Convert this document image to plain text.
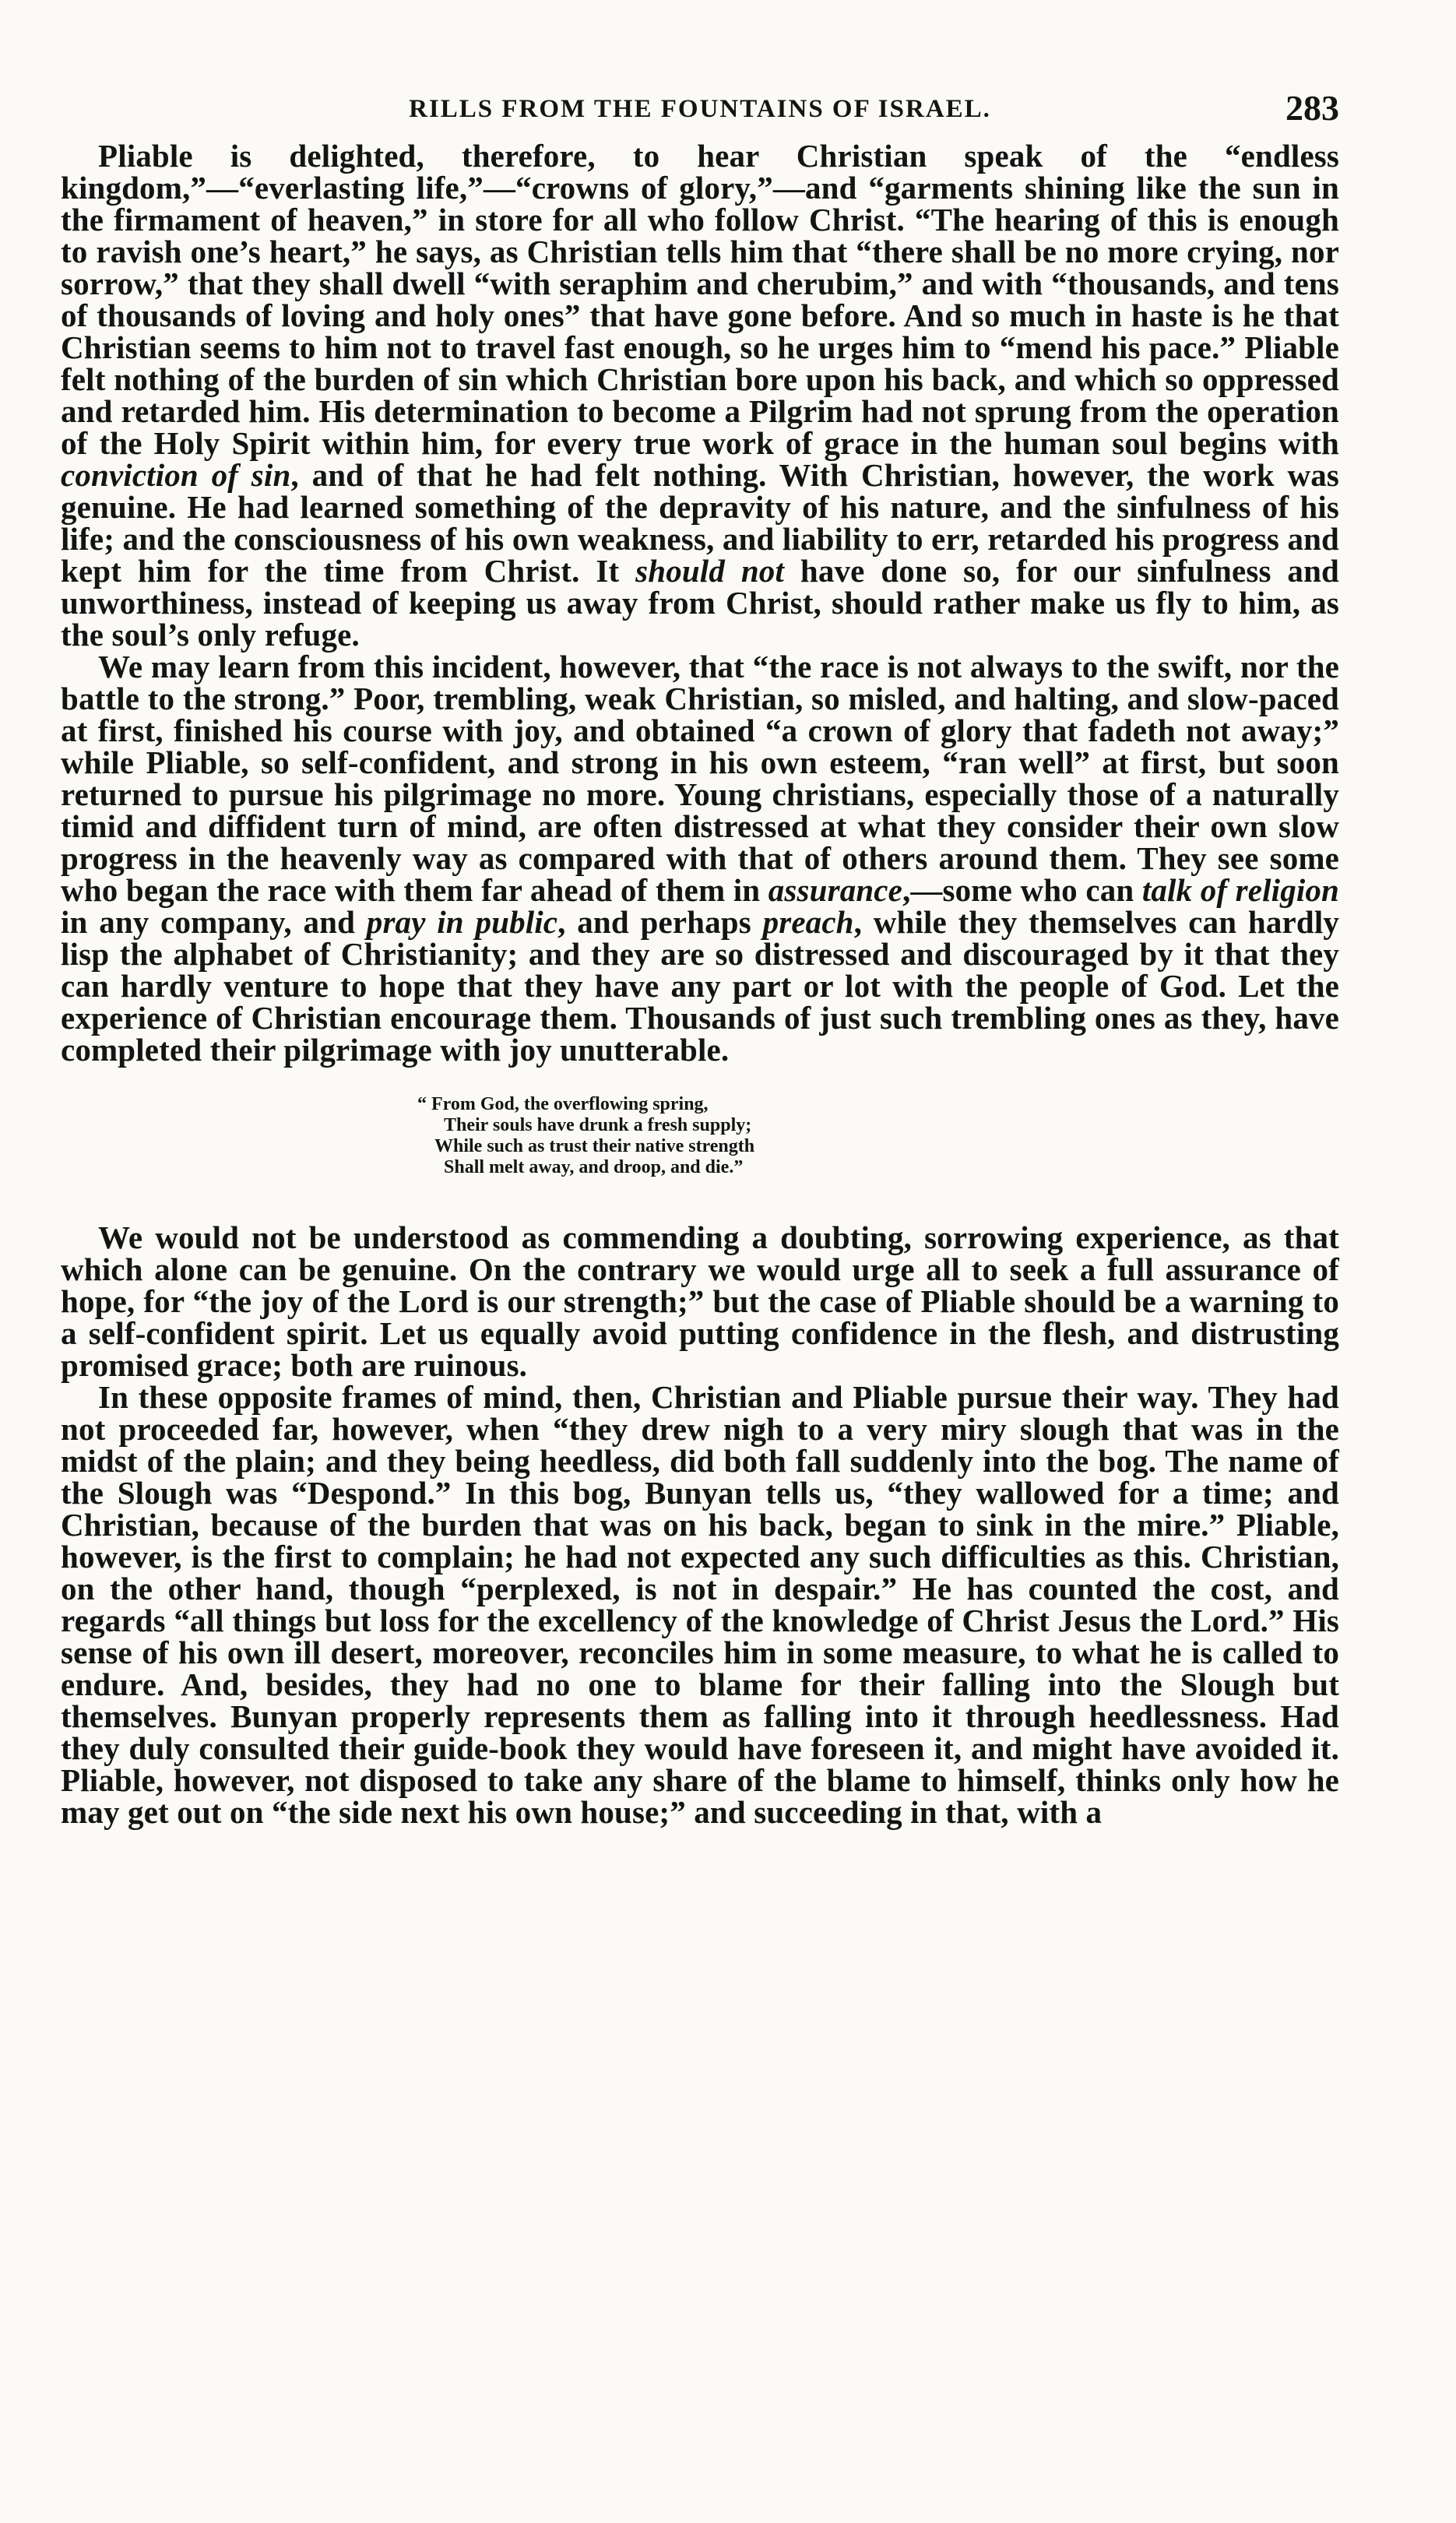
RILLS FROM THE FOUNTAINS OF ISRAEL.	283

Pliable is delighted, therefore, to hear Christian speak of the “endless kingdom,”—“everlasting life,”—“crowns of glory,”—and “garments shining like the sun in the firmament of heaven,” in store for all who follow Christ. “The hearing of this is enough to ravish one’s heart,” he says, as Christian tells him that “there shall be no more crying, nor sorrow,” that they shall dwell “with seraphim and cherubim,” and with “thousands, and tens of thousands of loving and holy ones” that have gone before. And so much in haste is he that Christian seems to him not to travel fast enough, so he urges him to “mend his pace.” Pliable felt nothing of the burden of sin which Christian bore upon his back, and which so oppressed and retarded him. His determination to become a Pilgrim had not sprung from the operation of the Holy Spirit within him, for every true work of grace in the human soul begins with conviction of sin, and of that he had felt nothing. With Christian, however, the work was genuine. He had learned something of the depravity of his nature, and the sinfulness of his life; and the consciousness of his own weakness, and liability to err, retarded his progress and kept him for the time from Christ. It should not have done so, for our sinfulness and unworthiness, instead of keeping us away from Christ, should rather make us fly to him, as the soul’s only refuge.

We may learn from this incident, however, that “the race is not always to the swift, nor the battle to the strong.” Poor, trembling, weak Christian, so misled, and halting, and slow-paced at first, finished his course with joy, and obtained “a crown of glory that fadeth not away;” while Pliable, so self-confident, and strong in his own esteem, “ran well” at first, but soon returned to pursue his pilgrimage no more. Young christians, especially those of a naturally timid and diffident turn of mind, are often distressed at what they consider their own slow progress in the heavenly way as compared with that of others around them. They see some who began the race with them far ahead of them in assurance,—some who can talk of religion in any company, and pray in public, and perhaps preach, while they themselves can hardly lisp the alphabet of Christianity; and they are so distressed and discouraged by it that they can hardly venture to hope that they have any part or lot with the people of God. Let the experience of Christian encourage them. Thousands of just such trembling ones as they, have completed their pilgrimage with joy unutterable.

“ From God, the overflowing spring,
Their souls have drunk a fresh supply;
While such as trust their native strength
Shall melt away, and droop, and die.”

We would not be understood as commending a doubting, sorrowing experience, as that which alone can be genuine. On the contrary we would urge all to seek a full assurance of hope, for “the joy of the Lord is our strength;” but the case of Pliable should be a warning to a self-confident spirit. Let us equally avoid putting confidence in the flesh, and distrusting promised grace; both are ruinous.

In these opposite frames of mind, then, Christian and Pliable pursue their way. They had not proceeded far, however, when “they drew nigh to a very miry slough that was in the midst of the plain; and they being heedless, did both fall suddenly into the bog. The name of the Slough was “Despond.” In this bog, Bunyan tells us, “they wallowed for a time; and Christian, because of the burden that was on his back, began to sink in the mire.” Pliable, however, is the first to complain; he had not expected any such difficulties as this. Christian, on the other hand, though “perplexed, is not in despair.” He has counted the cost, and regards “all things but loss for the excellency of the knowledge of Christ Jesus the Lord.” His sense of his own ill desert, moreover, reconciles him in some measure, to what he is called to endure. And, besides, they had no one to blame for their falling into the Slough but themselves. Bunyan properly represents them as falling into it through heedlessness. Had they duly consulted their guide-book they would have foreseen it, and might have avoided it. Pliable, however, not disposed to take any share of the blame to himself, thinks only how he may get out on “the side next his own house;” and succeeding in that, with a
